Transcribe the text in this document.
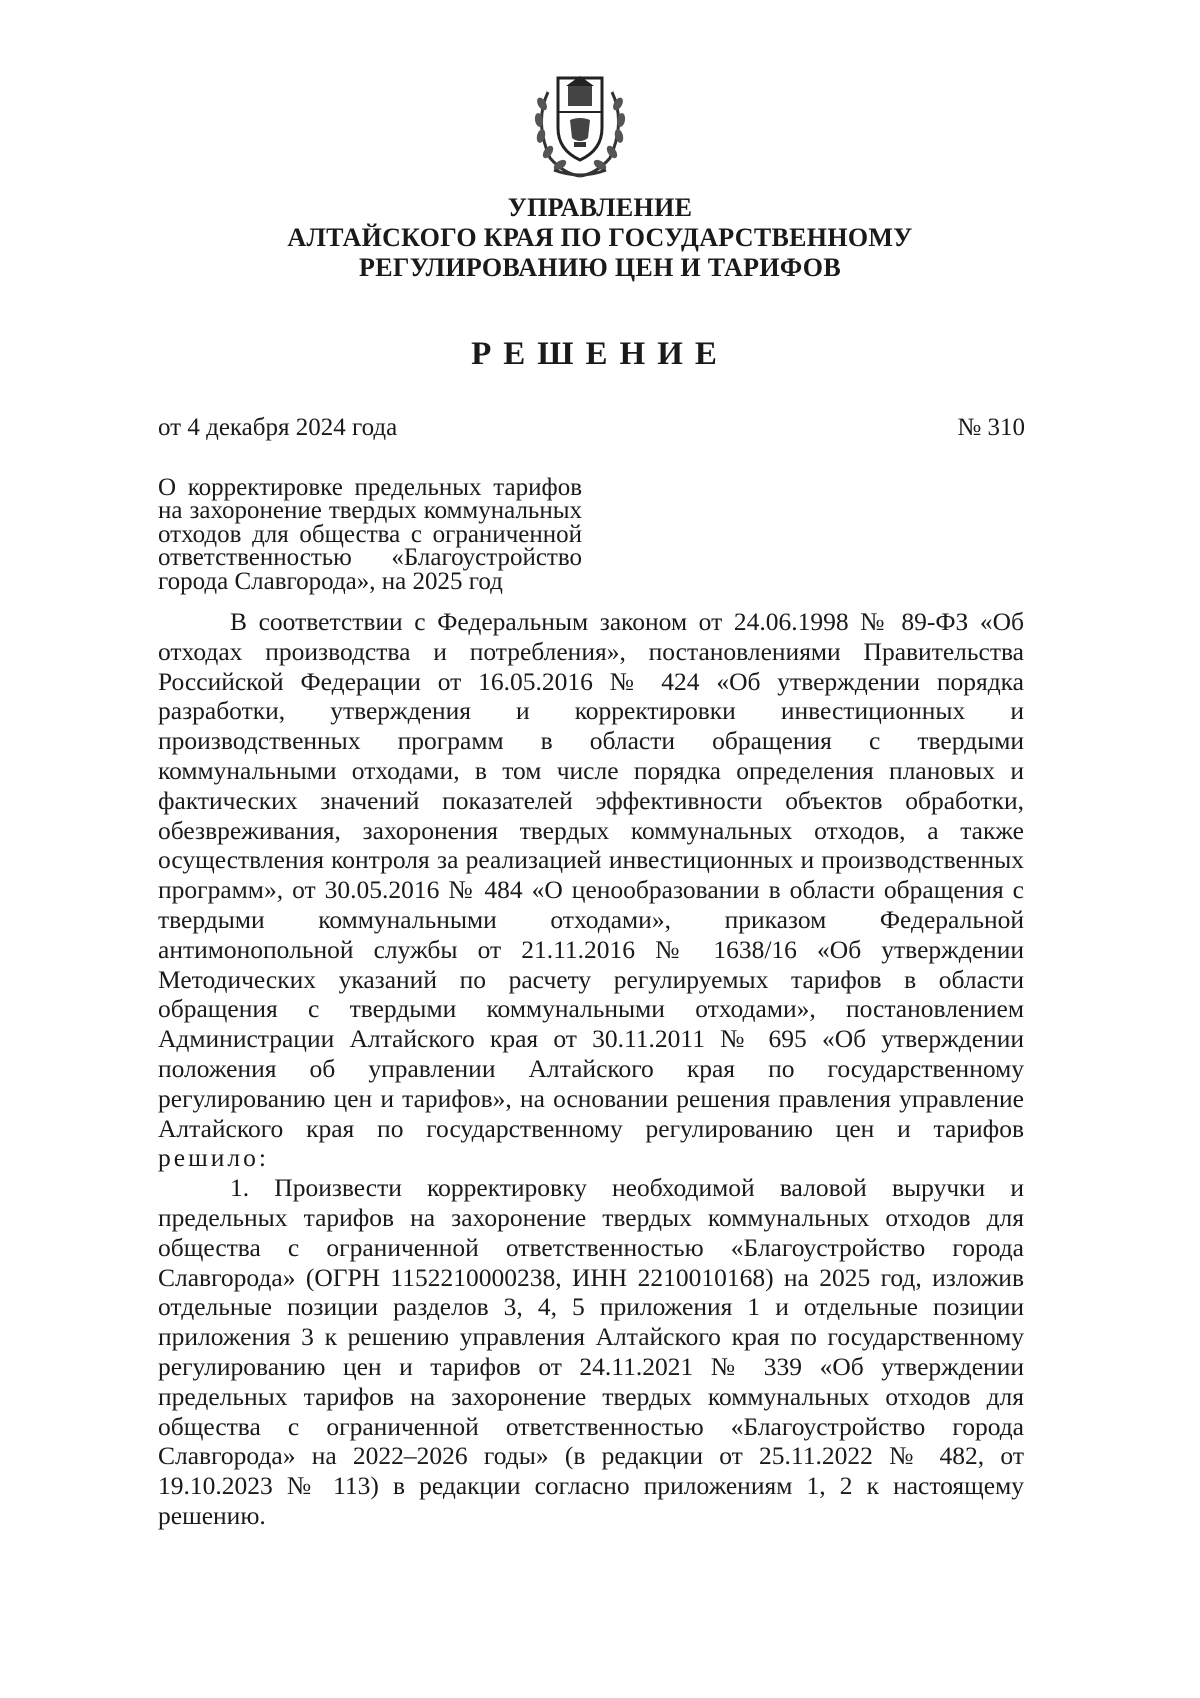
УПРАВЛЕНИЕ
АЛТАЙСКОГО КРАЯ ПО ГОСУДАРСТВЕННОМУ
РЕГУЛИРОВАНИЮ ЦЕН И ТАРИФОВ
РЕШЕНИЕ
от 4 декабря 2024 года	№ 310
О корректировке предельных тарифов на захоронение твердых коммунальных отходов для общества с ограниченной ответственностью «Благоустройство города Славгорода», на 2025 год

В соответствии с Федеральным законом от 24.06.1998 № 89-ФЗ «Об отходах производства и потребления», постановлениями Правительства Российской Федерации от 16.05.2016 № 424 «Об утверждении порядка разработки, утверждения и корректировки инвестиционных и производственных программ в области обращения с твердыми коммунальными отходами, в том числе порядка определения плановых и фактических значений показателей эффективности объектов обработки, обезвреживания, захоронения твердых коммунальных отходов, а также осуществления контроля за реализацией инвестиционных и производственных программ», от 30.05.2016 № 484 «О ценообразовании в области обращения с твердыми коммунальными отходами», приказом Федеральной антимонопольной службы от 21.11.2016 № 1638/16 «Об утверждении Методических указаний по расчету регулируемых тарифов в области обращения с твердыми коммунальными отходами», постановлением Администрации Алтайского края от 30.11.2011 № 695 «Об утверждении положения об управлении Алтайского края по государственному регулированию цен и тарифов», на основании решения правления управление Алтайского края по государственному регулированию цен и тарифов решило:

1. Произвести корректировку необходимой валовой выручки и предельных тарифов на захоронение твердых коммунальных отходов для общества с ограниченной ответственностью «Благоустройство города Славгорода» (ОГРН 1152210000238, ИНН 2210010168) на 2025 год, изложив отдельные позиции разделов 3, 4, 5 приложения 1 и отдельные позиции приложения 3 к решению управления Алтайского края по государственному регулированию цен и тарифов от 24.11.2021 № 339 «Об утверждении предельных тарифов на захоронение твердых коммунальных отходов для общества с ограниченной ответственностью «Благоустройство города Славгорода» на 2022–2026 годы» (в редакции от 25.11.2022 № 482, от 19.10.2023 № 113) в редакции согласно приложениям 1, 2 к настоящему решению.
